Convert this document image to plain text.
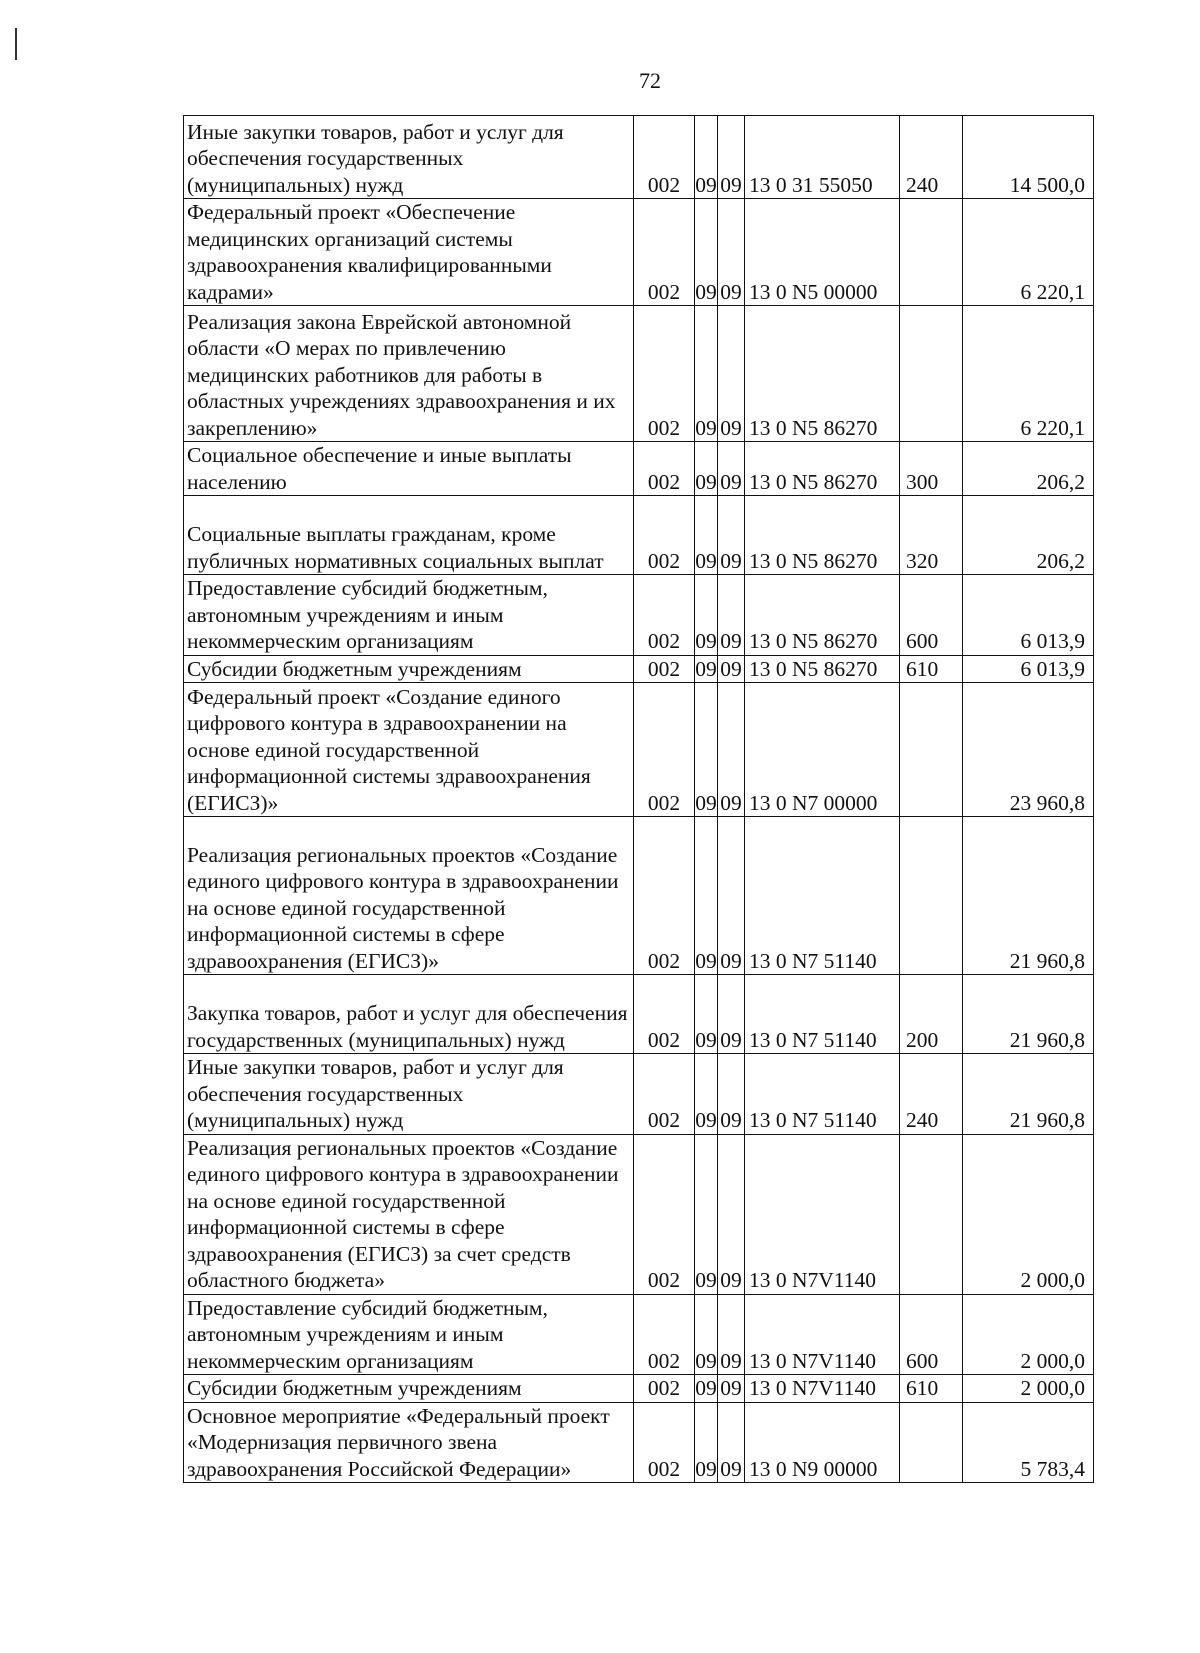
72
Иные закупки товаров, работ и услуг для обеспечения государственных (муниципальных) нужд	002	09	09	13 0 31 55050	240	14 500,0
Федеральный проект «Обеспечение медицинских организаций системы здравоохранения квалифицированными кадрами»	002	09	09	13 0 N5 00000		6 220,1
Реализация закона Еврейской автономной области «О мерах по привлечению медицинских работников для работы в областных учреждениях здравоохранения и их закреплению»	002	09	09	13 0 N5 86270		6 220,1
Социальное обеспечение и иные выплаты населению	002	09	09	13 0 N5 86270	300	206,2
Социальные выплаты гражданам, кроме публичных нормативных социальных выплат	002	09	09	13 0 N5 86270	320	206,2
Предоставление субсидий бюджетным, автономным учреждениям и иным некоммерческим организациям	002	09	09	13 0 N5 86270	600	6 013,9
Субсидии бюджетным учреждениям	002	09	09	13 0 N5 86270	610	6 013,9
Федеральный проект «Создание единого цифрового контура в здравоохранении на основе единой государственной информационной системы здравоохранения (ЕГИСЗ)»	002	09	09	13 0 N7 00000		23 960,8
Реализация региональных проектов «Создание единого цифрового контура в здравоохранении на основе единой государственной информационной системы в сфере здравоохранения (ЕГИСЗ)»	002	09	09	13 0 N7 51140		21 960,8
Закупка товаров, работ и услуг для обеспечения государственных (муниципальных) нужд	002	09	09	13 0 N7 51140	200	21 960,8
Иные закупки товаров, работ и услуг для обеспечения государственных (муниципальных) нужд	002	09	09	13 0 N7 51140	240	21 960,8
Реализация региональных проектов «Создание единого цифрового контура в здравоохранении на основе единой государственной информационной системы в сфере здравоохранения (ЕГИСЗ) за счет средств областного бюджета»	002	09	09	13 0 N7V1140		2 000,0
Предоставление субсидий бюджетным, автономным учреждениям и иным некоммерческим организациям	002	09	09	13 0 N7V1140	600	2 000,0
Субсидии бюджетным учреждениям	002	09	09	13 0 N7V1140	610	2 000,0
Основное мероприятие «Федеральный проект «Модернизация первичного звена здравоохранения Российской Федерации»	002	09	09	13 0 N9 00000		5 783,4
